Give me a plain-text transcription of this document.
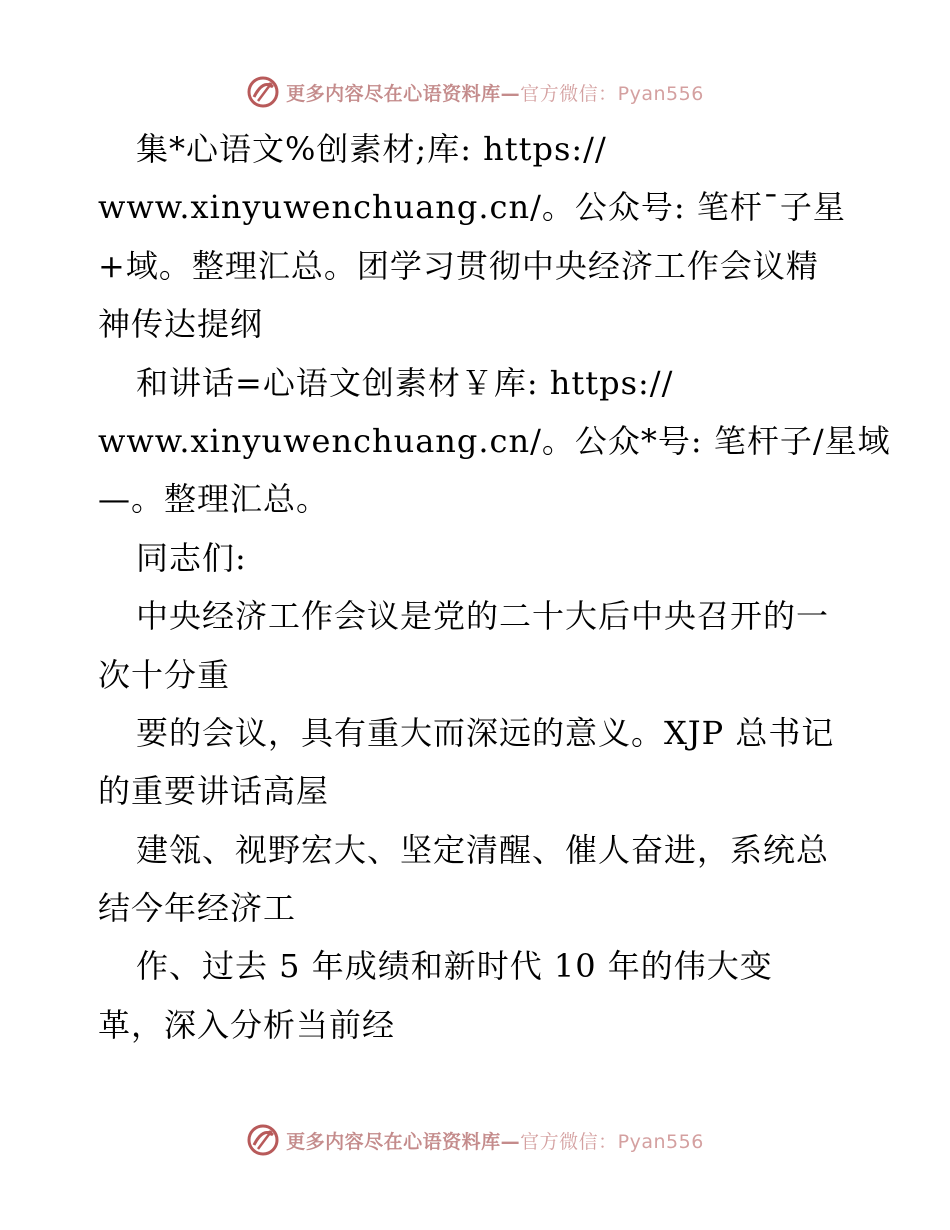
更多内容尽在心语资料库— 官方微信：Pyan556
集*心语文%创素材;库: https://
www.xinyuwenchuang.cn/。公众号: 笔杆¯子星
+域。整理汇总。团学习贯彻中央经济工作会议精
神传达提纲
和讲话=心语文创素材￥库: https://
www.xinyuwenchuang.cn/。公众*号: 笔杆子/星域
—。整理汇总。
同志们:
中央经济工作会议是党的二十大后中央召开的一
次十分重
要的会议，具有重大而深远的意义。XJP 总书记
的重要讲话高屋
建瓴、视野宏大、坚定清醒、催人奋进，系统总
结今年经济工
作、过去 5 年成绩和新时代 10 年的伟大变
革，深入分析当前经
更多内容尽在心语资料库— 官方微信：Pyan556
